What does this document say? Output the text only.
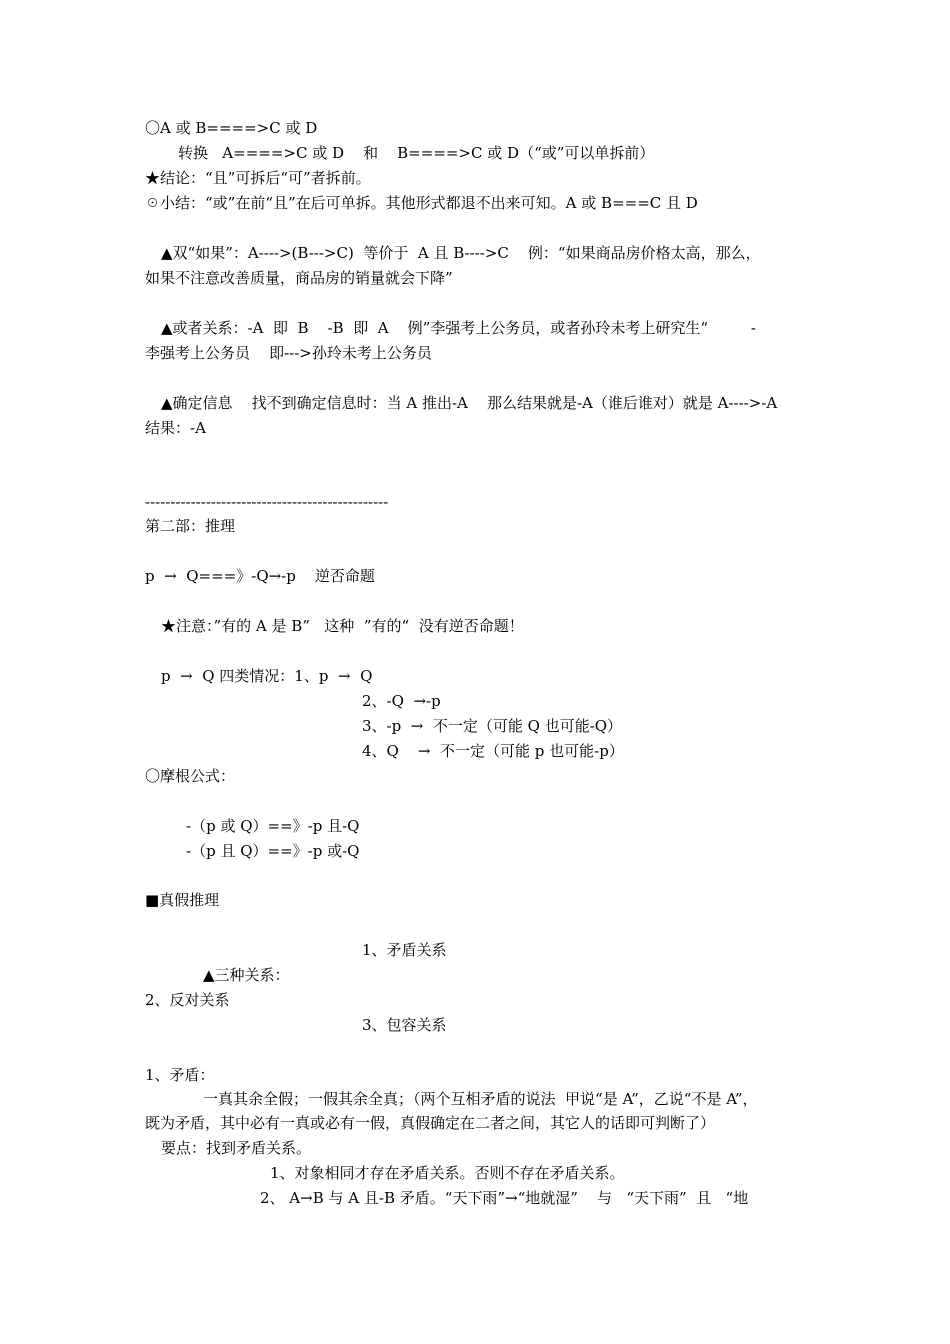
〇A 或 B====>C 或 D
转换   A====>C 或 D    和    B====>C 或 D（“或”可以单拆前）
★结论：“且”可拆后“可”者拆前。
☉小结：“或”在前“且”在后可单拆。其他形式都退不出来可知。A 或 B===C 且 D
▲双“如果”：A---->(B--->C)  等价于  A 且 B---->C    例：“如果商品房价格太高，那么，
如果不注意改善质量，商品房的销量就会下降”
▲或者关系：-A  即  B    -B  即  A    例”李强考上公务员，或者孙玲未考上研究生“         -
李强考上公务员    即--->孙玲未考上公务员
▲确定信息    找不到确定信息时：当 A 推出-A    那么结果就是-A（谁后谁对）就是 A---->-A
结果：-A
------------------------------------------------
第二部：推理
p  →  Q===》-Q→-p    逆否命题
★注意：”有的 A 是 B”   这种  ”有的“  没有逆否命题！
p  →  Q 四类情况：1、p  →  Q
2、-Q  →-p
3、-p  →  不一定（可能 Q 也可能-Q）
4、Q    →  不一定（可能 p 也可能-p）
〇摩根公式：
-（p 或 Q）==》-p 且-Q
-（p 且 Q）==》-p 或-Q
■真假推理
1、矛盾关系
▲三种关系：
2、反对关系
3、包容关系
1、矛盾：
一真其余全假；一假其余全真；（两个互相矛盾的说法  甲说“是 A”，乙说“不是 A”，
既为矛盾，其中必有一真或必有一假，真假确定在二者之间，其它人的话即可判断了）
要点：找到矛盾关系。
1、对象相同才存在矛盾关系。否则不存在矛盾关系。
2、 A→B 与 A 且-B 矛盾。“天下雨”→“地就湿”    与   “天下雨”  且   “地
